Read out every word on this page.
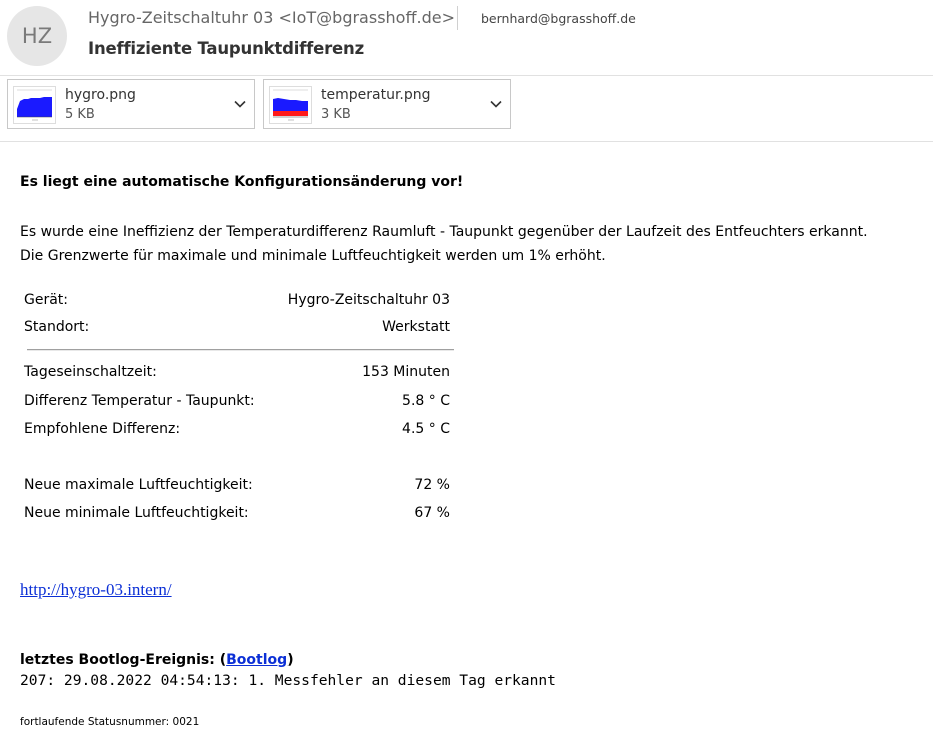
HZ
Hygro-Zeitschaltuhr 03 <IoT@bgrasshoff.de> bernhard@bgrasshoff.de
Ineffiziente Taupunktdifferenz
hygro.png
5 KB
temperatur.png
3 KB
Es liegt eine automatische Konfigurationsänderung vor!
Es wurde eine Ineffizienz der Temperaturdifferenz Raumluft - Taupunkt gegenüber der Laufzeit des Entfeuchters erkannt.
Die Grenzwerte für maximale und minimale Luftfeuchtigkeit werden um 1% erhöht.
Gerät:	Hygro-Zeitschaltuhr 03
Standort:	Werkstatt
Tageseinschaltzeit:	153 Minuten
Differenz Temperatur - Taupunkt:	5.8 ° C
Empfohlene Differenz:	4.5 ° C
Neue maximale Luftfeuchtigkeit:	72 %
Neue minimale Luftfeuchtigkeit:	67 %
http://hygro-03.intern/
letztes Bootlog-Ereignis: (Bootlog)
207: 29.08.2022 04:54:13: 1. Messfehler an diesem Tag erkannt
fortlaufende Statusnummer: 0021
